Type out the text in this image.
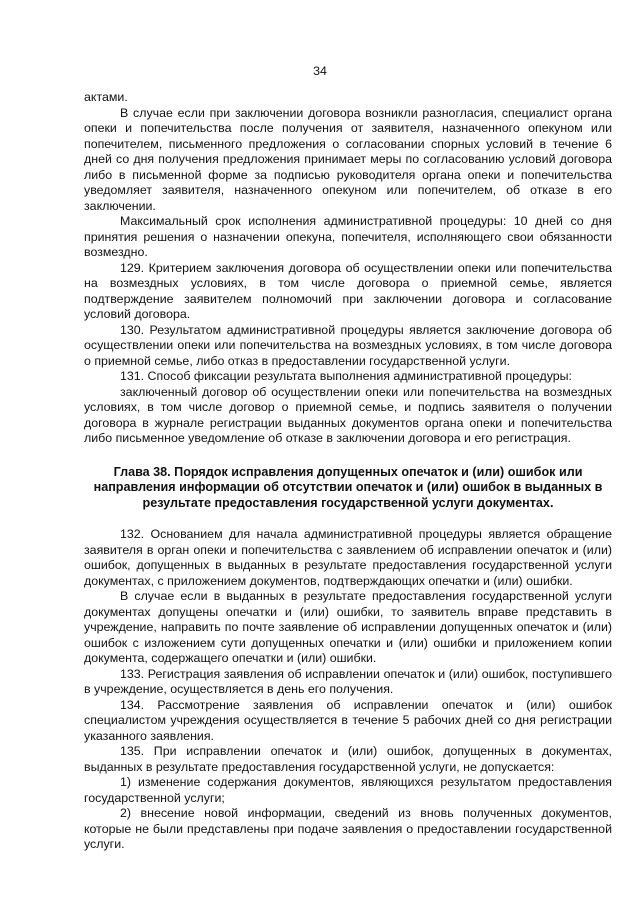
34

актами.

В случае если при заключении договора возникли разногласия, специалист органа опеки и попечительства после получения от заявителя, назначенного опекуном или попечителем, письменного предложения о согласовании спорных условий в течение 6 дней со дня получения предложения принимает меры по согласованию условий договора либо в письменной форме за подписью руководителя органа опеки и попечительства уведомляет заявителя, назначенного опекуном или попечителем, об отказе в его заключении.

Максимальный срок исполнения административной процедуры: 10 дней со дня принятия решения о назначении опекуна, попечителя, исполняющего свои обязанности возмездно.

129. Критерием заключения договора об осуществлении опеки или попечительства на возмездных условиях, в том числе договора о приемной семье, является подтверждение заявителем полномочий при заключении договора и согласование условий договора.

130. Результатом административной процедуры является заключение договора об осуществлении опеки или попечительства на возмездных условиях, в том числе договора о приемной семье, либо отказ в предоставлении государственной услуги.

131. Способ фиксации результата выполнения административной процедуры:

заключенный договор об осуществлении опеки или попечительства на возмездных условиях, в том числе договор о приемной семье, и подпись заявителя о получении договора в журнале регистрации выданных документов органа опеки и попечительства либо письменное уведомление об отказе в заключении договора и его регистрация.

Глава 38. Порядок исправления допущенных опечаток и (или) ошибок или направления информации об отсутствии опечаток и (или) ошибок в выданных в результате предоставления государственной услуги документах.

132. Основанием для начала административной процедуры является обращение заявителя в орган опеки и попечительства с заявлением об исправлении опечаток и (или) ошибок, допущенных в выданных в результате предоставления государственной услуги документах, с приложением документов, подтверждающих опечатки и (или) ошибки.

В случае если в выданных в результате предоставления государственной услуги документах допущены опечатки и (или) ошибки, то заявитель вправе представить в учреждение, направить по почте заявление об исправлении допущенных опечаток и (или) ошибок с изложением сути допущенных опечатки и (или) ошибки и приложением копии документа, содержащего опечатки и (или) ошибки.

133. Регистрация заявления об исправлении опечаток и (или) ошибок, поступившего в учреждение, осуществляется в день его получения.

134. Рассмотрение заявления об исправлении опечаток и (или) ошибок специалистом учреждения осуществляется в течение 5 рабочих дней со дня регистрации указанного заявления.

135. При исправлении опечаток и (или) ошибок, допущенных в документах, выданных в результате предоставления государственной услуги, не допускается:

1) изменение содержания документов, являющихся результатом предоставления государственной услуги;

2) внесение новой информации, сведений из вновь полученных документов, которые не были представлены при подаче заявления о предоставлении государственной услуги.
